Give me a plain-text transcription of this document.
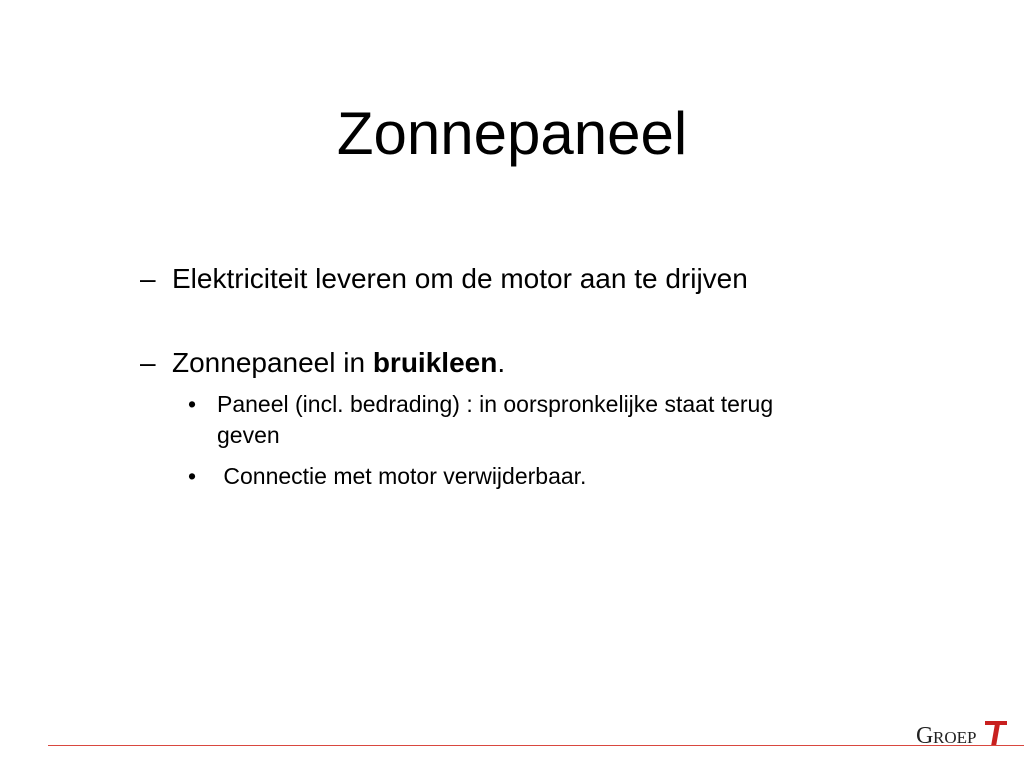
Zonnepaneel

– Elektriciteit leveren om de motor aan te drijven

– Zonnepaneel in bruikleen.

• Paneel (incl. bedrading) : in oorspronkelijke staat terug geven

• Connectie met motor verwijderbaar.

G ROEP
